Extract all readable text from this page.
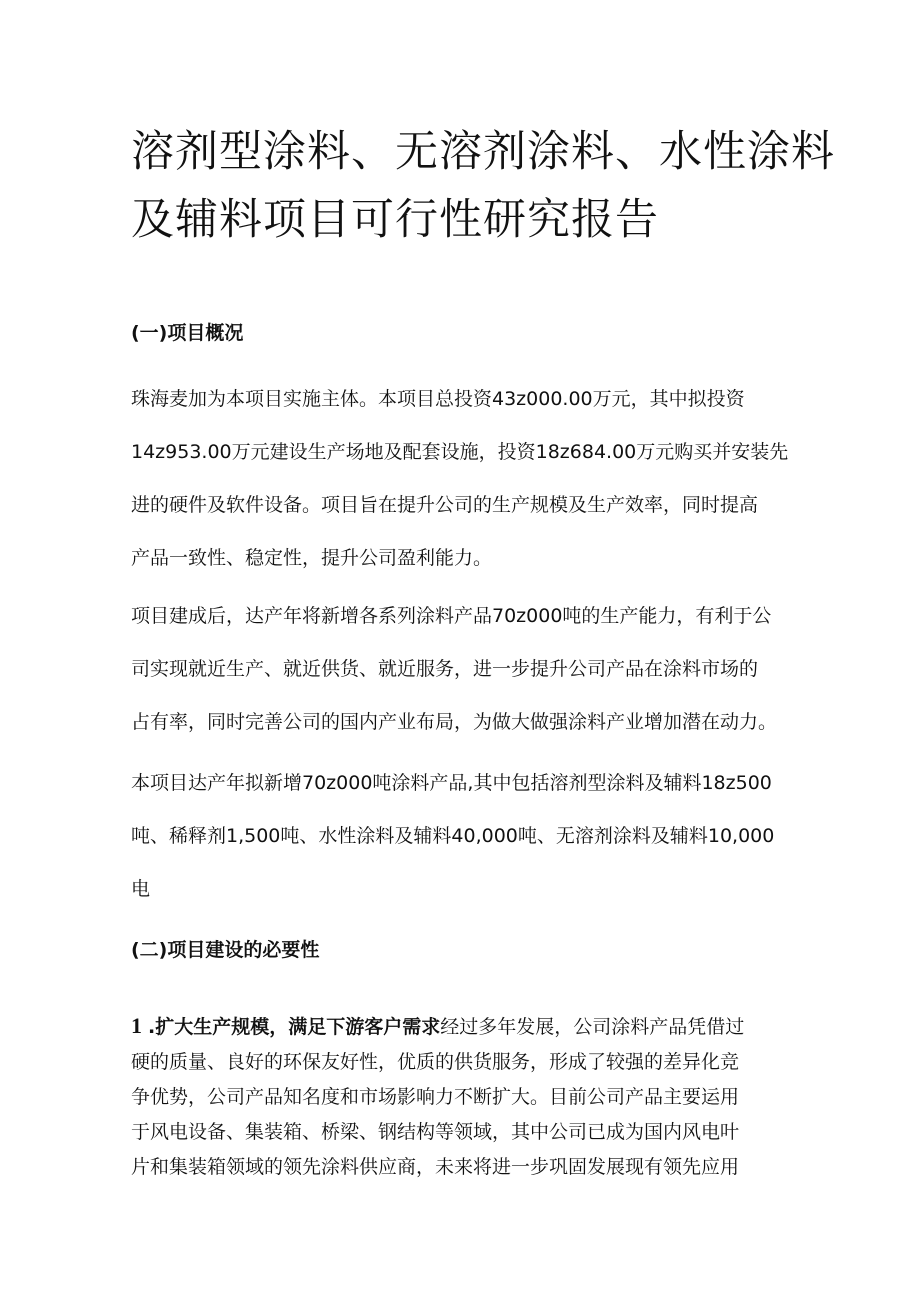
溶剂型涂料、无溶剂涂料、水性涂料
及辅料项目可行性研究报告
(一)项目概况
珠海麦加为本项目实施主体。本项目总投资43z000.00万元，其中拟投资
14z953.00万元建设生产场地及配套设施，投资18z684.00万元购买并安装先
进的硬件及软件设备。项目旨在提升公司的生产规模及生产效率，同时提高
产品一致性、稳定性，提升公司盈利能力。
项目建成后，达产年将新增各系列涂料产品70z000吨的生产能力，有利于公
司实现就近生产、就近供货、就近服务，进一步提升公司产品在涂料市场的
占有率，同时完善公司的国内产业布局，为做大做强涂料产业增加潜在动力。
本项目达产年拟新增70z000吨涂料产品,其中包括溶剂型涂料及辅料18z500
吨、稀释剂1,500吨、水性涂料及辅料40,000吨、无溶剂涂料及辅料10,000
电
(二)项目建设的必要性
1 .扩大生产规模，满足下游客户需求经过多年发展，公司涂料产品凭借过
硬的质量、良好的环保友好性，优质的供货服务，形成了较强的差异化竞
争优势，公司产品知名度和市场影响力不断扩大。目前公司产品主要运用
于风电设备、集装箱、桥梁、钢结构等领域，其中公司已成为国内风电叶
片和集装箱领域的领先涂料供应商，未来将进一步巩固发展现有领先应用
